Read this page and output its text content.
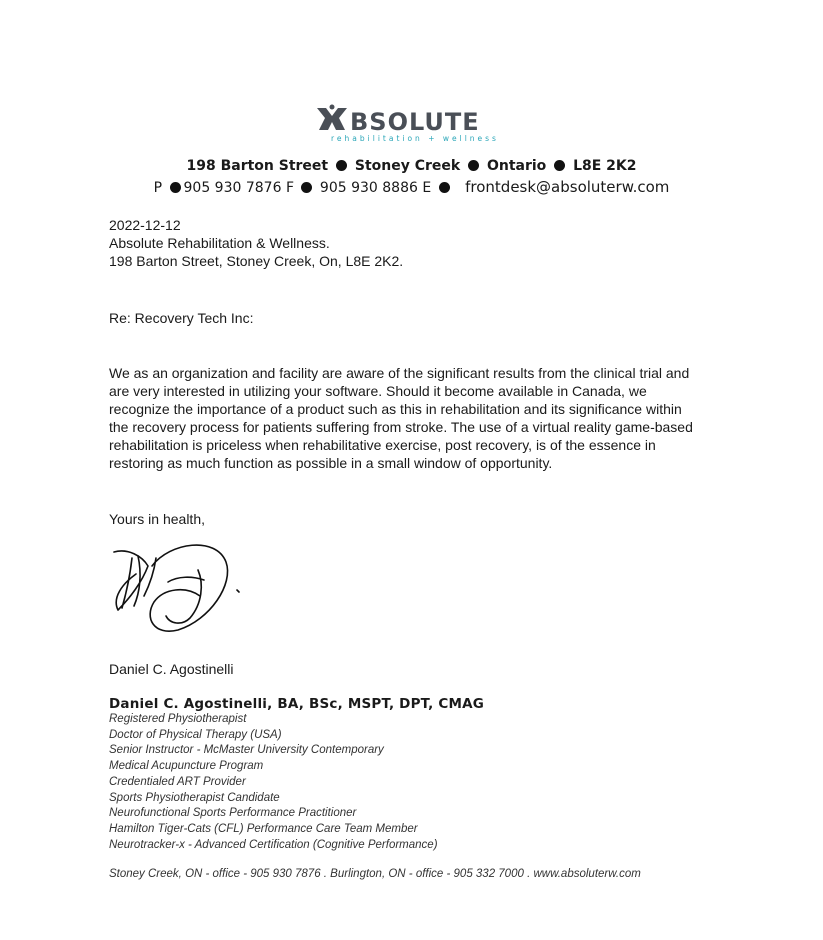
BSOLUTE
rehabilitation + wellness
198 Barton Street Stoney Creek Ontario L8E 2K2
P 905 930 7876 F 905 930 8886 E frontdesk@absoluterw.com
2022-12-12
Absolute Rehabilitation & Wellness.
198 Barton Street, Stoney Creek, On, L8E 2K2.
Re: Recovery Tech Inc:
We as an organization and facility are aware of the significant results from the clinical trial and
are very interested in utilizing your software. Should it become available in Canada, we
recognize the importance of a product such as this in rehabilitation and its significance within
the recovery process for patients suffering from stroke. The use of a virtual reality game-based
rehabilitation is priceless when rehabilitative exercise, post recovery, is of the essence in
restoring as much function as possible in a small window of opportunity.
Yours in health,
Daniel C. Agostinelli
Daniel C. Agostinelli, BA, BSc, MSPT, DPT, CMAG
Registered Physiotherapist
Doctor of Physical Therapy (USA)
Senior Instructor - McMaster University Contemporary
Medical Acupuncture Program
Credentialed ART Provider
Sports Physiotherapist Candidate
Neurofunctional Sports Performance Practitioner
Hamilton Tiger-Cats (CFL) Performance Care Team Member
Neurotracker-x - Advanced Certification (Cognitive Performance)
Stoney Creek, ON - office - 905 930 7876 . Burlington, ON - office - 905 332 7000 . www.absoluterw.com
